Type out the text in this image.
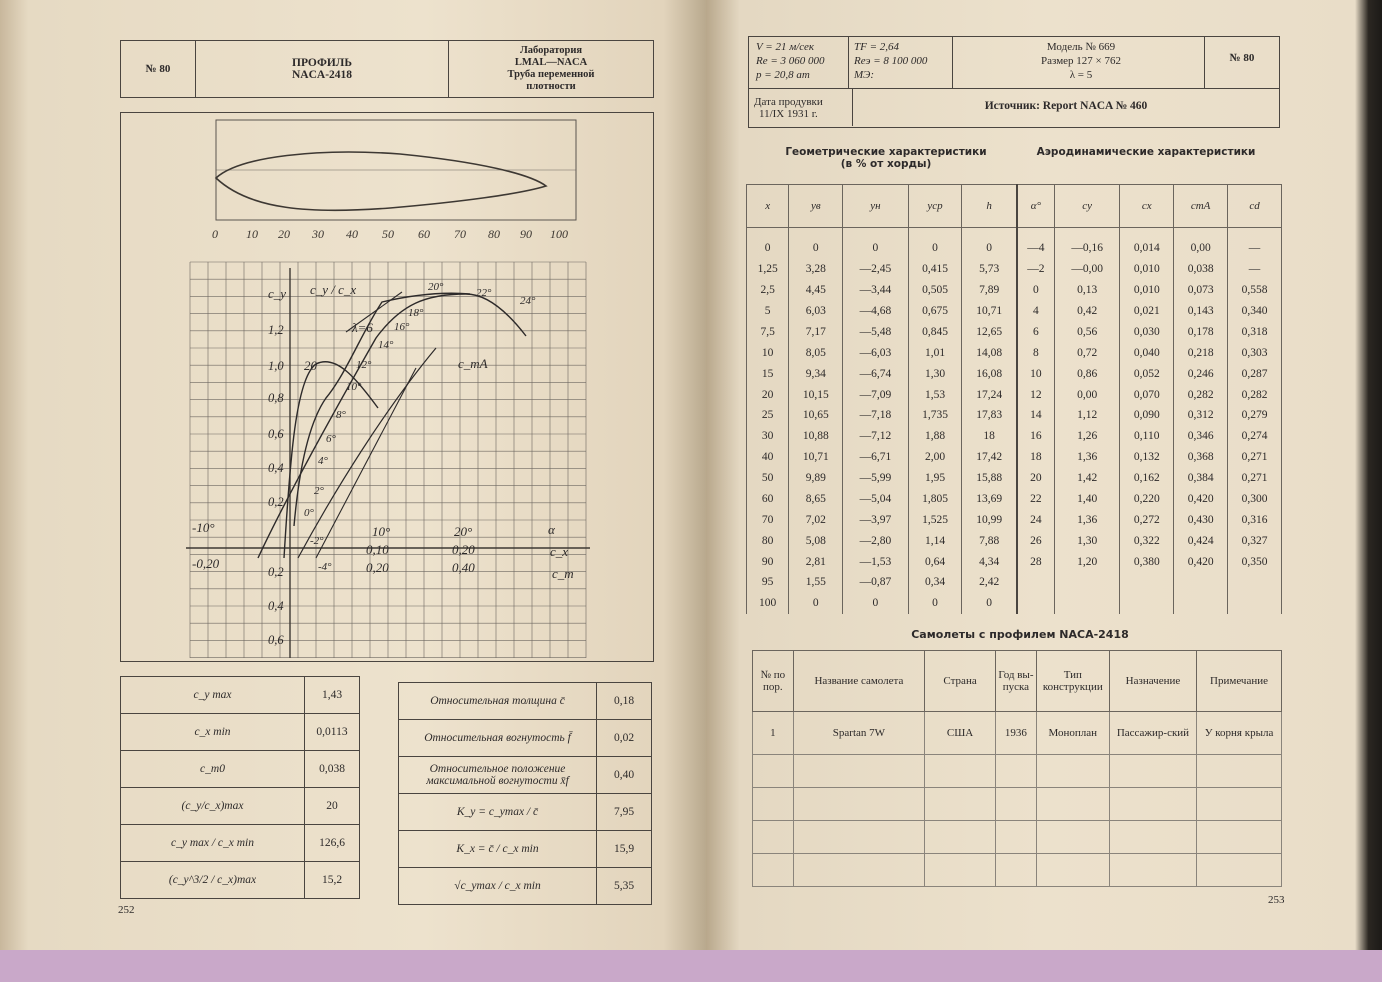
№ 80	ПРОФИЛЬ
NACA-2418

Лаборатория
LMAL—NACA
Труба переменной
плотности
0 10 20 30 40 50 60 70 80 90 100
1,2
1,0
0,8
0,6
0,4
0,2
0,2
0,4
0,6
c_y c_y / c_x
c_mA
20
λ=6
-10°	10°	20°	α
0,10	0,20	c_x
-0,20	0,20	0,40	c_m
20°	22°
24°
18°
16°
14°
12°
10°
8°
6°
4°
2°
0°
-2°
-4°
c_y max	1,43
c_x min	0,0113
c_m0	0,038
(c_y/c_x)max	20
c_y max / c_x min	126,6
(c_y^3/2 / c_x)max	15,2
Относительная толщина c̄	0,18
Относительная вогнутость f̄	0,02
Относительное положение максимальной вогнутости x̄f	0,40
K_y = c_ymax / c̄	7,95
K_x = c̄ / c_x min	15,9
√c_ymax / c_x min	5,35
252
V = 21 м/сек
Re = 3 060 000
p = 20,8 ат
TF = 2,64
Reэ = 8 100 000
МЭ:
Модель № 669
Размер 127 × 762
λ = 5
№ 80
Дата продувки
11/IX 1931 г.
Источник: Report NACA № 460
Геометрические характеристики
(в % от хорды)
Аэродинамические характеристики
x	yв	yн	yср	h	α°	cy	cx	cmA	cd
0	0	0	0	0	—4	—0,16	0,014	0,00	—
1,25	3,28	—2,45	0,415	5,73	—2	—0,00	0,010	0,038	—
2,5	4,45	—3,44	0,505	7,89	0	0,13	0,010	0,073	0,558
5	6,03	—4,68	0,675	10,71	4	0,42	0,021	0,143	0,340
7,5	7,17	—5,48	0,845	12,65	6	0,56	0,030	0,178	0,318
10	8,05	—6,03	1,01	14,08	8	0,72	0,040	0,218	0,303
15	9,34	—6,74	1,30	16,08	10	0,86	0,052	0,246	0,287
20	10,15	—7,09	1,53	17,24	12	0,00	0,070	0,282	0,282
25	10,65	—7,18	1,735	17,83	14	1,12	0,090	0,312	0,279
30	10,88	—7,12	1,88	18	16	1,26	0,110	0,346	0,274
40	10,71	—6,71	2,00	17,42	18	1,36	0,132	0,368	0,271
50	9,89	—5,99	1,95	15,88	20	1,42	0,162	0,384	0,271
60	8,65	—5,04	1,805	13,69	22	1,40	0,220	0,420	0,300
70	7,02	—3,97	1,525	10,99	24	1,36	0,272	0,430	0,316
80	5,08	—2,80	1,14	7,88	26	1,30	0,322	0,424	0,327
90	2,81	—1,53	0,64	4,34	28	1,20	0,380	0,420	0,350
95	1,55	—0,87	0,34	2,42					
100	0	0	0	0					
Самолеты с профилем NACA-2418
№ по пор.	Название самолета	Страна	Год вы-пуска	Тип конструкции	Назначение	Примечание
1	Spartan 7W	США	1936	Моноплан	Пассажир-ский	У корня крыла

253
